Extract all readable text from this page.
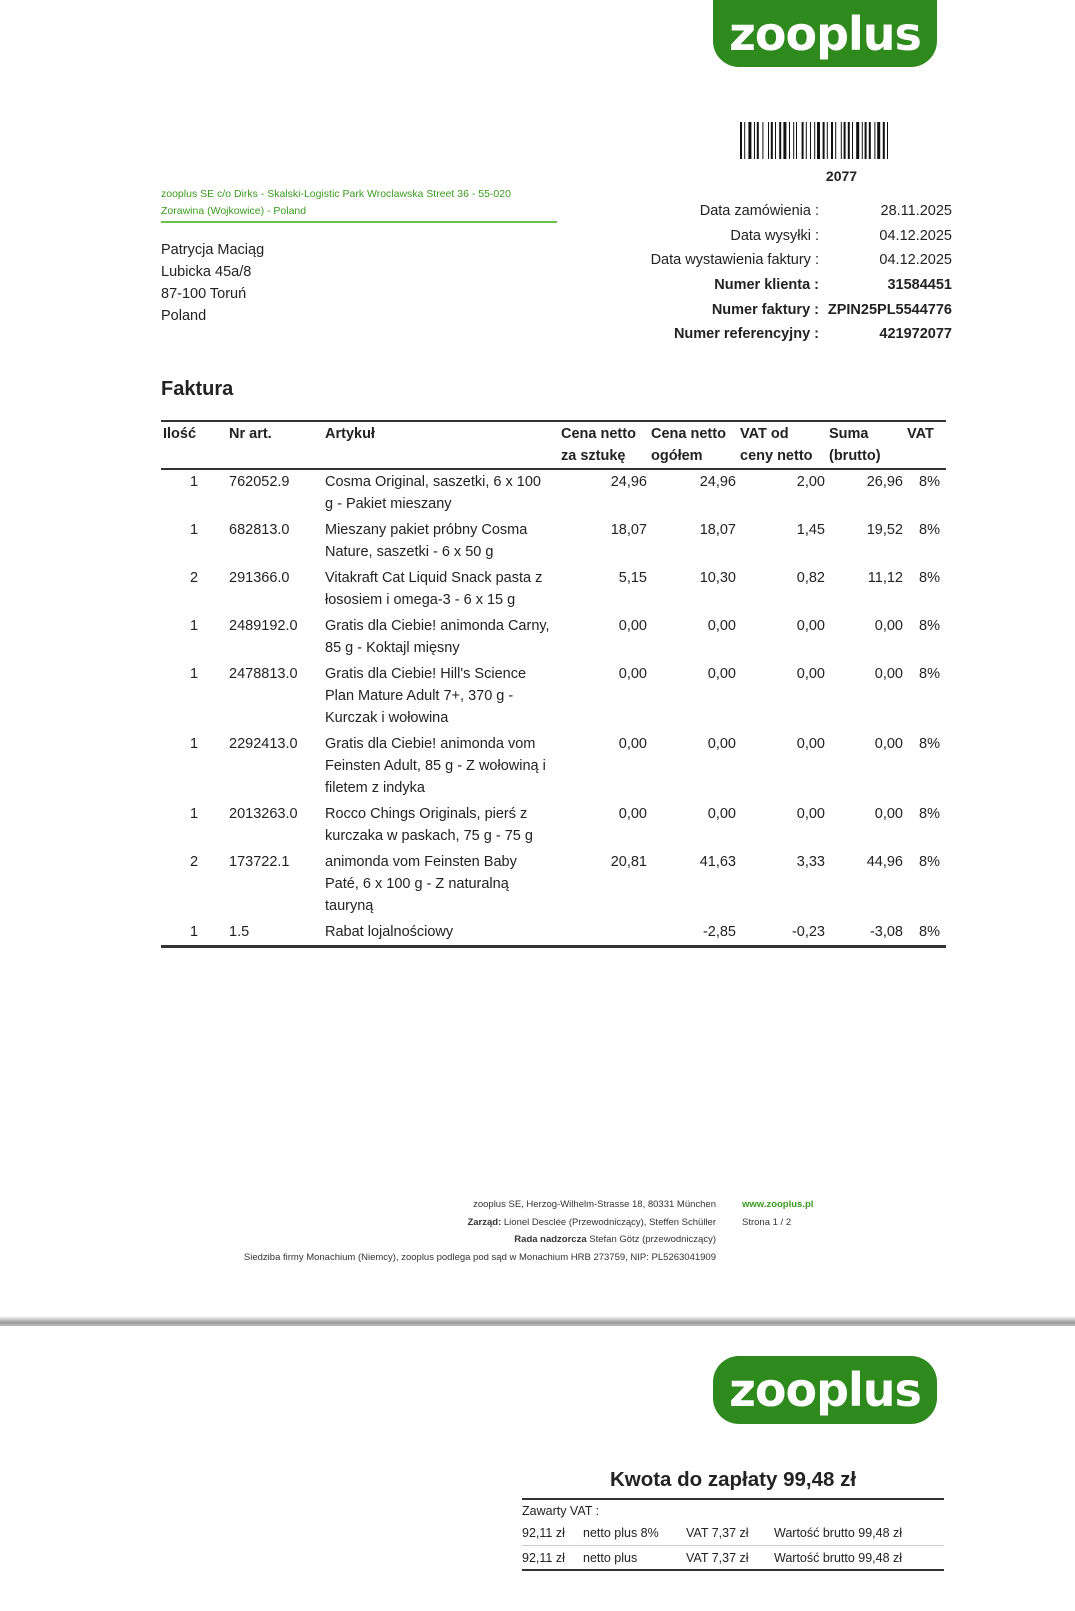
zooplus
2077
zooplus SE c/o Dirks - Skalski-Logistic Park Wroclawska Street 36 - 55-020 Zorawina (Wojkowice) - Poland
Patrycja Maciąg
Lubicka 45a/8
87-100 Toruń
Poland
Data zamówienia :	28.11.2025
Data wysyłki :	04.12.2025
Data wystawienia faktury :	04.12.2025
Numer klienta :	31584451
Numer faktury : ZPIN25PL5544776
Numer referencyjny :	421972077
Faktura
Ilość	Nr art.	Artykuł	Cena netto za sztukę	Cena netto ogółem	VAT od ceny netto	Suma (brutto)	VAT
1	762052.9	Cosma Original, saszetki, 6 x 100 g - Pakiet mieszany	24,96	24,96	2,00	26,96	8%
1	682813.0	Mieszany pakiet próbny Cosma Nature, saszetki - 6 x 50 g	18,07	18,07	1,45	19,52	8%
2	291366.0	Vitakraft Cat Liquid Snack pasta z łososiem i omega-3 - 6 x 15 g	5,15	10,30	0,82	11,12	8%
1	2489192.0	Gratis dla Ciebie! animonda Carny, 85 g - Koktajl mięsny	0,00	0,00	0,00	0,00	8%
1	2478813.0	Gratis dla Ciebie! Hill's Science Plan Mature Adult 7+, 370 g - Kurczak i wołowina	0,00	0,00	0,00	0,00	8%
1	2292413.0	Gratis dla Ciebie! animonda vom Feinsten Adult, 85 g - Z wołowiną i filetem z indyka	0,00	0,00	0,00	0,00	8%
1	2013263.0	Rocco Chings Originals, pierś z kurczaka w paskach, 75 g - 75 g	0,00	0,00	0,00	0,00	8%
2	173722.1	animonda vom Feinsten Baby Paté, 6 x 100 g - Z naturalną tauryną	20,81	41,63	3,33	44,96	8%
1	1.5	Rabat lojalnościowy		-2,85	-0,23	-3,08	8%
zooplus SE, Herzog-Wilhelm-Strasse 18, 80331 München
Zarząd: Lionel Desclée (Przewodniczący), Steffen Schüller
Rada nadzorcza Stefan Götz (przewodniczący)
Siedziba firmy Monachium (Niemcy), zooplus podlega pod sąd w Monachium HRB 273759, NIP: PL5263041909
www.zooplus.pl
Strona 1 / 2
zooplus
Kwota do zapłaty 99,48 zł
Zawarty VAT :
92,11 zł	netto plus 8%	VAT 7,37 zł	Wartość brutto 99,48 zł
92,11 zł	netto plus	VAT 7,37 zł	Wartość brutto 99,48 zł
